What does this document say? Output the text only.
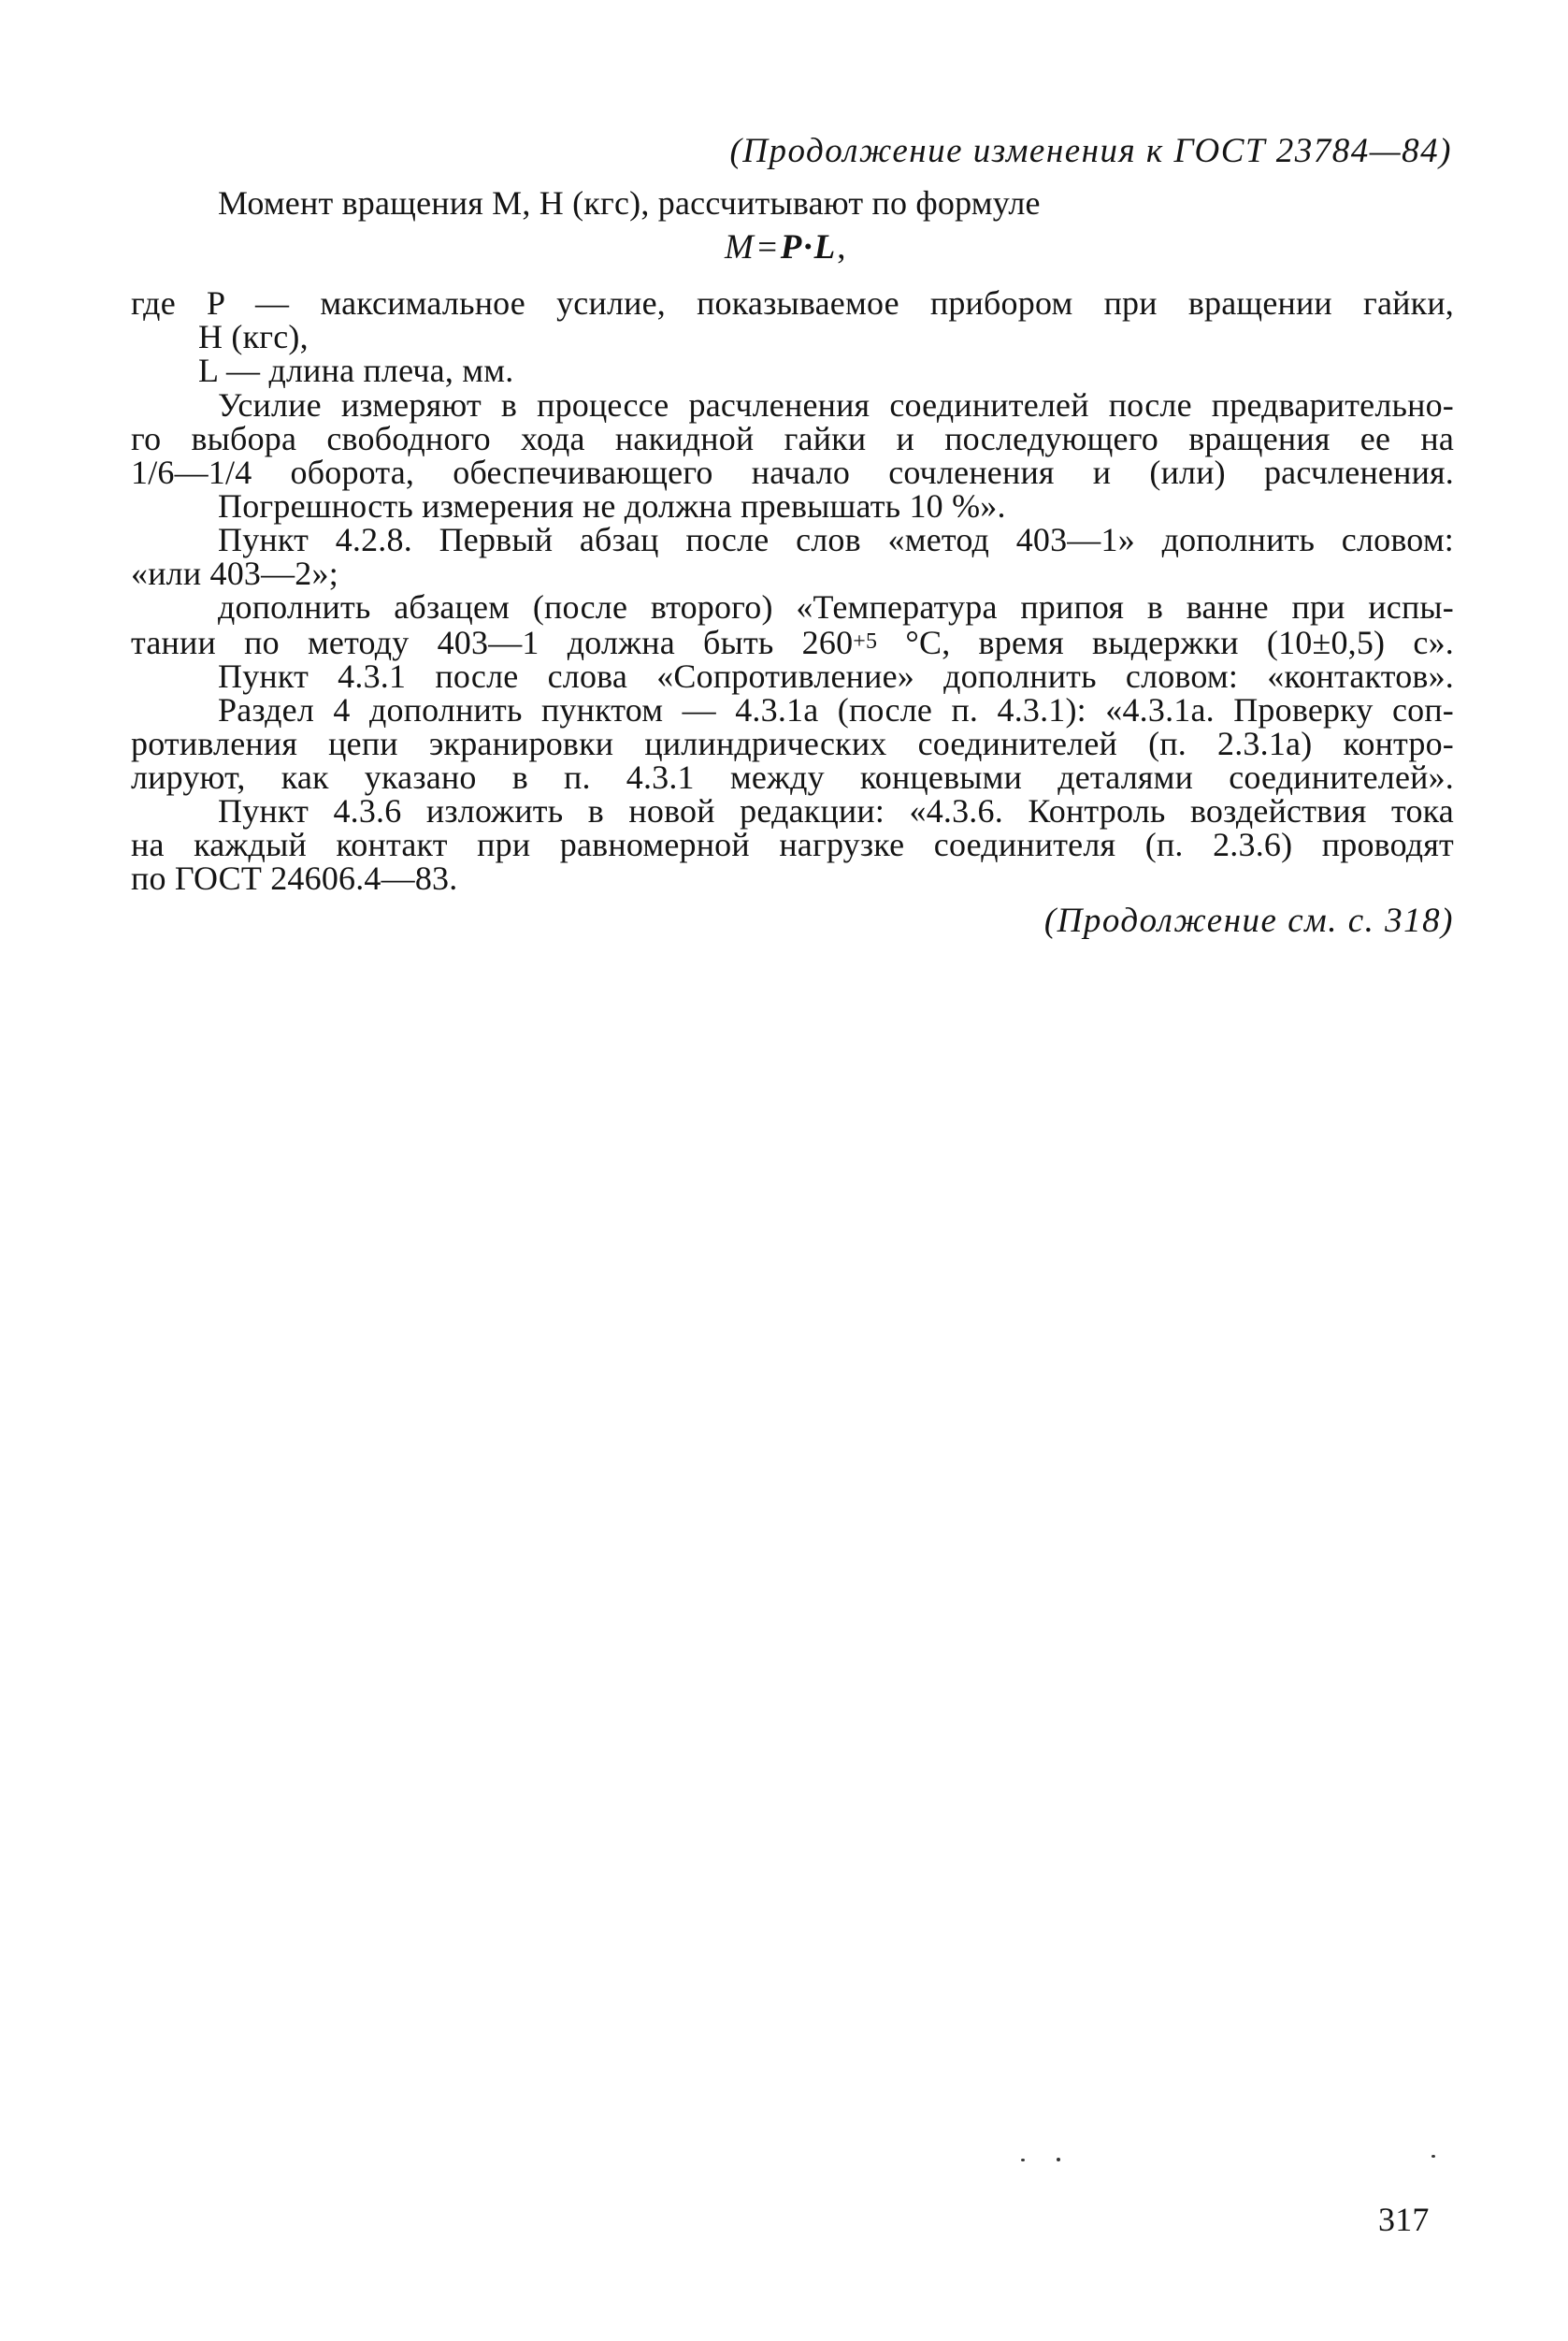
(Продолжение изменения к ГОСТ 23784—84)
Момент вращения М, Н (кгс), рассчитывают по формуле
M=P·L,
где P — максимальное усилие, показываемое прибором при вращении гайки,
Н (кгс),
L — длина плеча, мм.
Усилие измеряют в процессе расчленения соединителей после предварительно-
го выбора свободного хода накидной гайки и последующего вращения ее на
1/6—1/4 оборота, обеспечивающего начало сочленения и (или) расчленения.
Погрешность измерения не должна превышать 10 %».
Пункт 4.2.8. Первый абзац после слов «метод 403—1» дополнить словом:
«или 403—2»;
дополнить абзацем (после второго) «Температура припоя в ванне при испы-
тании по методу 403—1 должна быть $260^{+5}$ °С, время выдержки (10±0,5) с».
Пункт 4.3.1 после слова «Сопротивление» дополнить словом: «контактов».
Раздел 4 дополнить пунктом — 4.3.1а (после п. 4.3.1): «4.3.1а. Проверку соп-
ротивления цепи экранировки цилиндрических соединителей (п. 2.3.1а) контро-
лируют, как указано в п. 4.3.1 между концевыми деталями соединителей».
Пункт 4.3.6 изложить в новой редакции: «4.3.6. Контроль воздействия тока
на каждый контакт при равномерной нагрузке соединителя (п. 2.3.6) проводят
по ГОСТ 24606.4—83.
(Продолжение см. с. 318)
317
